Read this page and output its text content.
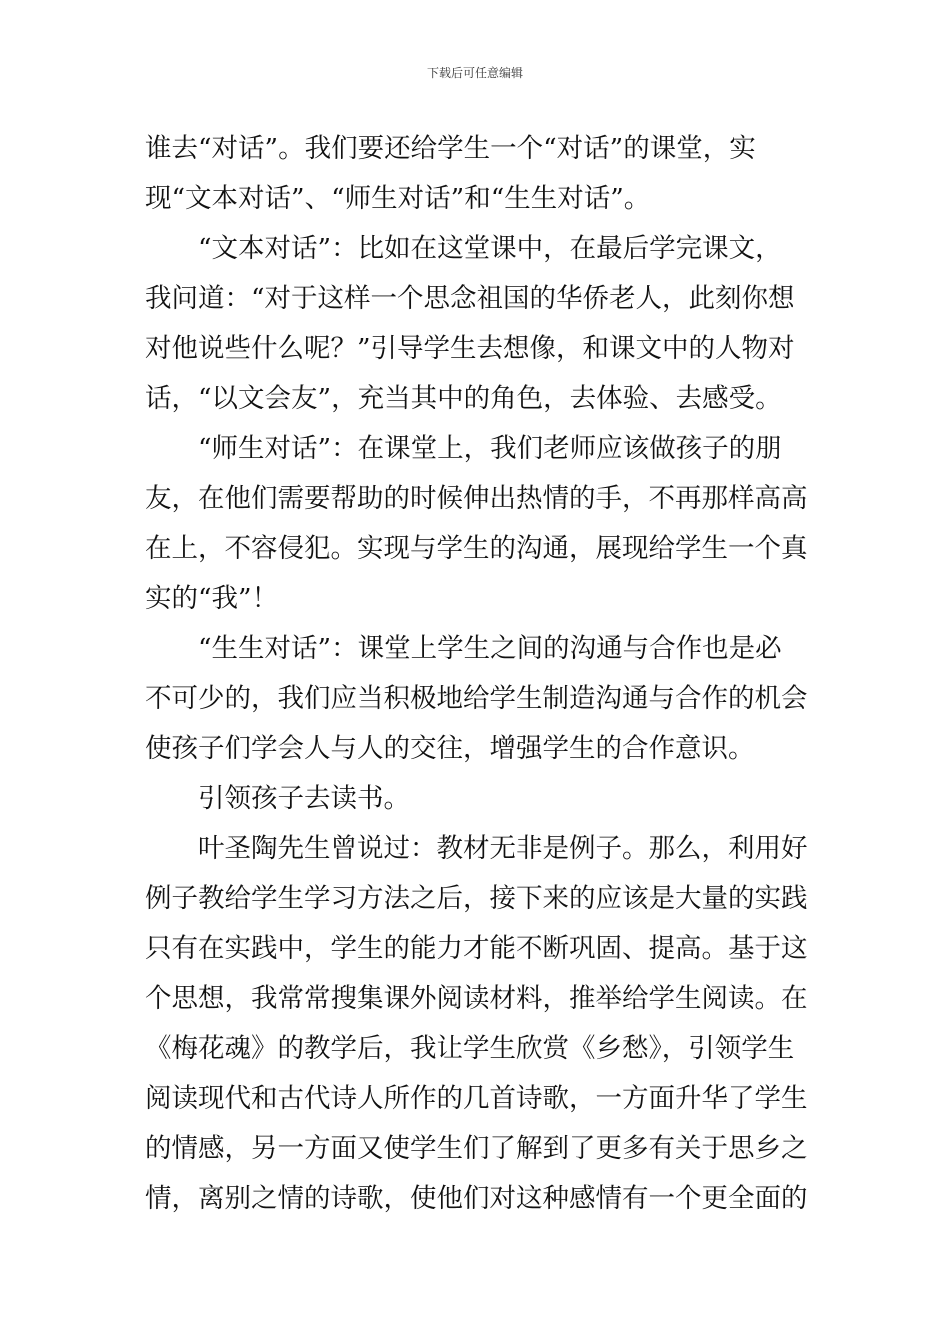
下载后可任意编辑
谁去“对话”。我们要还给学生一个“对话”的课堂，实
现“文本对话”、“师生对话”和“生生对话”。
“文本对话”：比如在这堂课中，在最后学完课文，
我问道：“对于这样一个思念祖国的华侨老人，此刻你想
对他说些什么呢？”引导学生去想像，和课文中的人物对
话，“以文会友”，充当其中的角色，去体验、去感受。
“师生对话”：在课堂上，我们老师应该做孩子的朋
友，在他们需要帮助的时候伸出热情的手，不再那样高高
在上，不容侵犯。实现与学生的沟通，展现给学生一个真
实的“我”！
“生生对话”：课堂上学生之间的沟通与合作也是必
不可少的，我们应当积极地给学生制造沟通与合作的机会
使孩子们学会人与人的交往，增强学生的合作意识。
引领孩子去读书。
叶圣陶先生曾说过：教材无非是例子。那么，利用好
例子教给学生学习方法之后，接下来的应该是大量的实践
只有在实践中，学生的能力才能不断巩固、提高。基于这
个思想，我常常搜集课外阅读材料，推举给学生阅读。在
《梅花魂》的教学后，我让学生欣赏《乡愁》，引领学生
阅读现代和古代诗人所作的几首诗歌，一方面升华了学生
的情感，另一方面又使学生们了解到了更多有关于思乡之
情，离别之情的诗歌，使他们对这种感情有一个更全面的
